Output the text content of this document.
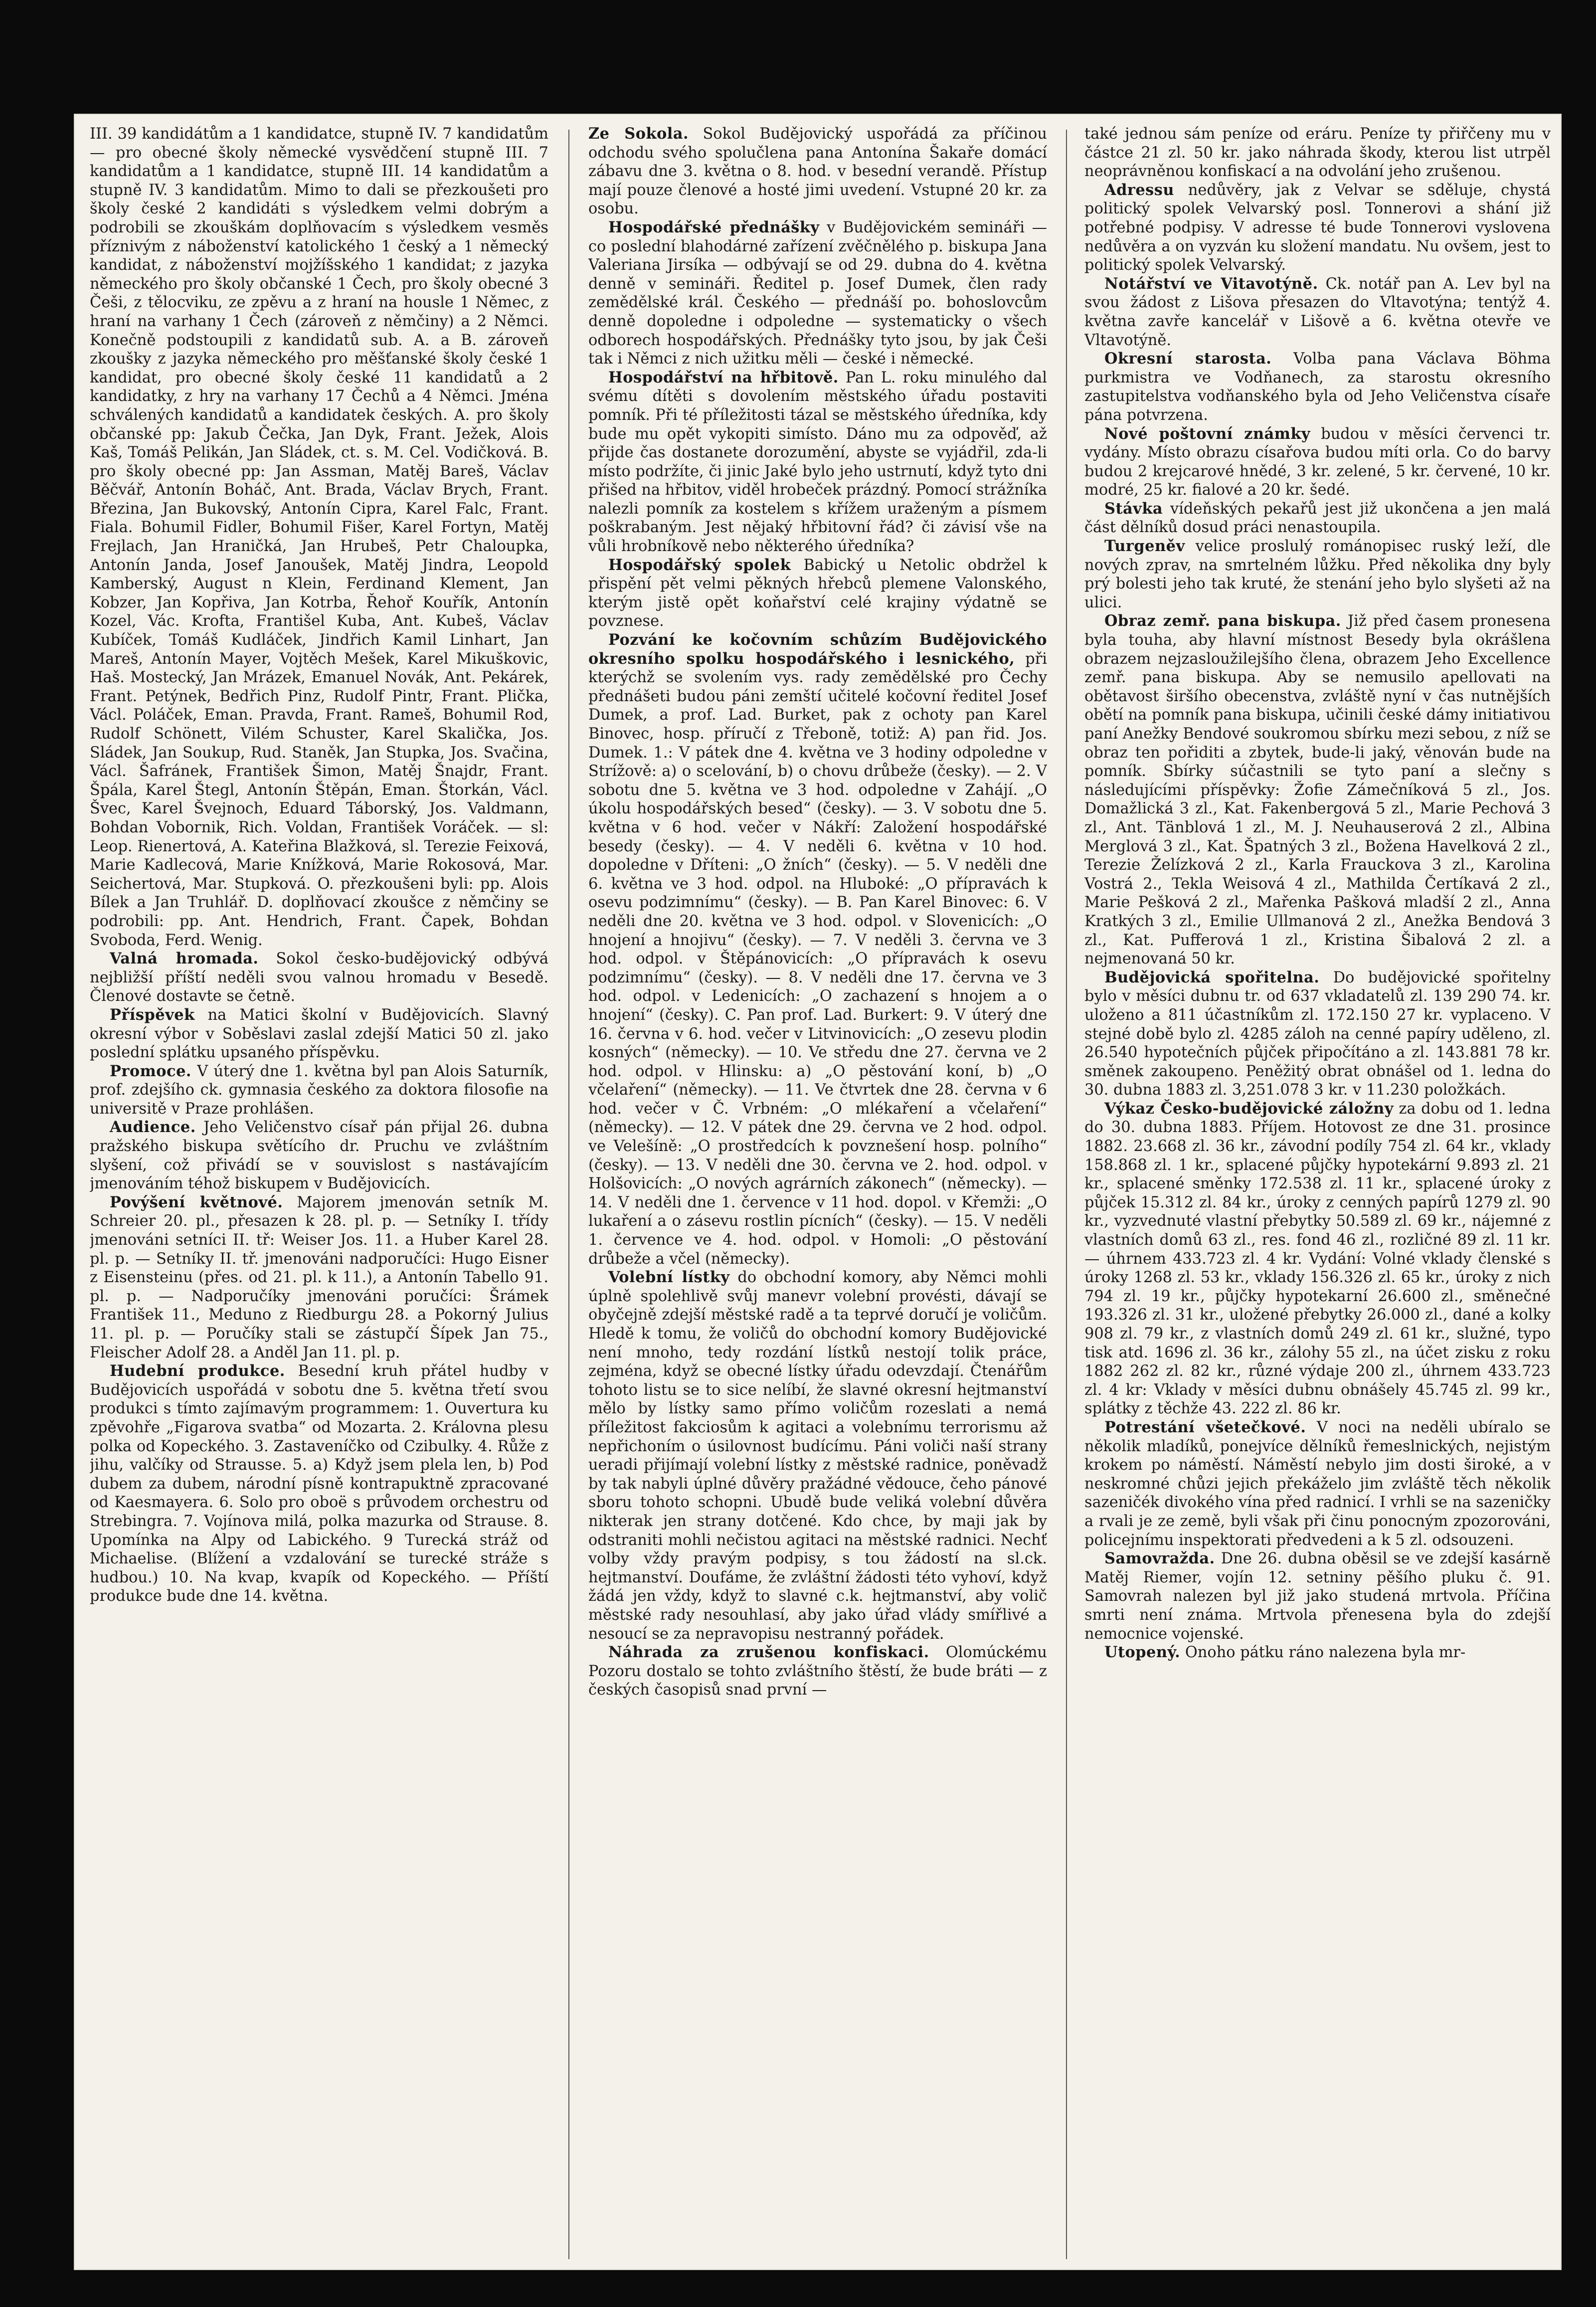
III. 39 kandidátům a 1 kandidatce, stupně IV. 7 kandidatům — pro obecné školy německé vysvědčení stupně III. 7 kandidatům a 1 kandidatce, stupně III. 14 kandidatům a stupně IV. 3 kandidatům. Mimo to dali se přezkoušeti pro školy české 2 kandidáti s výsledkem velmi dobrým a podrobili se zkouškám doplňovacím s výsledkem vesměs příznivým z náboženství katolického 1 český a 1 německý kandidat, z náboženství mojžíšského 1 kandidat; z jazyka německého pro školy občanské 1 Čech, pro školy obecné 3 Češi, z tělocviku, ze zpěvu a z hraní na housle 1 Němec, z hraní na varhany 1 Čech (zároveň z němčiny) a 2 Němci. Konečně podstoupili z kandidatů sub. A. a B. zároveň zkoušky z jazyka německého pro měšťanské školy české 1 kandidat, pro obecné školy české 11 kandidatů a 2 kandidatky, z hry na varhany 17 Čechů a 4 Němci. Jména schválených kandidatů a kandidatek českých. A. pro školy občanské pp: Jakub Čečka, Jan Dyk, Frant. Ježek, Alois Kaš, Tomáš Pelikán, Jan Sládek, ct. s. M. Cel. Vodičková. B. pro školy obecné pp: Jan Assman, Matěj Bareš, Václav Běčvář, Antonín Boháč, Ant. Brada, Václav Brych, Frant. Březina, Jan Bukovský, Antonín Cipra, Karel Falc, Frant. Fiala. Bohumil Fidler, Bohumil Fišer, Karel Fortyn, Matěj Frejlach, Jan Hraničká, Jan Hrubeš, Petr Chaloupka, Antonín Janda, Josef Janoušek, Matěj Jindra, Leopold Kamberský, August n Klein, Ferdinand Klement, Jan Kobzer, Jan Kopřiva, Jan Kotrba, Řehoř Kouřík, Antonín Kozel, Vác. Kroftа, Františel Kuba, Ant. Kubeš, Václav Kubíček, Tomáš Kudláček, Jindřich Kamil Linhart, Jan Mareš, Antonín Mayer, Vojtěch Mešek, Karel Mikuškovic, Haš. Mostecký, Jan Mrázek, Emanuel Novák, Ant. Pekárek, Frant. Petýnek, Bedřich Pinz, Rudolf Pintr, Frant. Plička, Václ. Poláček, Eman. Pravda, Frant. Rameš, Bohumil Rod, Rudolf Schönett, Vilém Schuster, Karel Skalička, Jos. Sládek, Jan Soukup, Rud. Staněk, Jan Stupka, Jos. Svačina, Václ. Šafránek, František Šimon, Matěj Šnajdr, Frant. Špála, Karel Štegl, Antonín Štěpán, Eman. Štorkán, Václ. Švec, Karel Švejnoch, Eduard Táborský, Jos. Valdmann, Bohdan Vobornik, Rich. Voldan, František Voráček. — sl: Leop. Rienertová, A. Kateřina Blažková, sl. Terezie Feixová, Marie Kadlecová, Marie Knížková, Marie Rokosová, Mar. Seichertová, Mar. Stupková. O. přezkoušeni byli: pp. Alois Bílek a Jan Truhlář. D. doplňovací zkoušce z němčiny se podrobili: pp. Ant. Hendrich, Frant. Čapek, Bohdan Svoboda, Ferd. Wenig.

Valná hromada. Sokol česko-budějovický odbývá nejbližší příští neděli svou valnou hromadu v Besedě. Členové dostavte se četně.

Příspěvek na Matici školní v Budějovicích. Slavný okresní výbor v Soběslavi zaslal zdejší Matici 50 zl. jako poslední splátku upsaného příspěvku.

Promoce. V úterý dne 1. května byl pan Alois Saturník, prof. zdejšího ck. gymnasia českého za doktora filosofie na universitě v Praze prohlášen.

Audience. Jeho Veličenstvo císař pán přijal 26. dubna pražského biskupa světícího dr. Pruchu ve zvláštním slyšení, což přivádí se v souvislost s nastávajícím jmenováním téhož biskupem v Budějovicích.

Povýšení květnové. Majorem jmenován setník M. Schreier 20. pl., přesazen k 28. pl. p. — Setníky I. třídy jmenováni setníci II. tř: Weiser Jos. 11. a Huber Karel 28. pl. p. — Setníky II. tř. jmenováni nadporučíci: Hugo Eisner z Eisensteinu (přes. od 21. pl. k 11.), a Antonín Tabello 91. pl. p. — Nadporučíky jmenováni poručíci: Šrámek František 11., Meduno z Riedburgu 28. a Pokorný Julius 11. pl. p. — Poručíky stali se zástupčí Šípek Jan 75., Fleischer Adolf 28. a Anděl Jan 11. pl. p.

Hudební produkce. Besední kruh přátel hudby v Budějovicích uspořádá v sobotu dne 5. května třetí svou produkci s tímto zajímavým programmem: 1. Ouvertura ku zpěvohře „Figarova svatba“ od Mozarta. 2. Královna plesu polka od Kopeckého. 3. Zastaveníčko od Czibulky. 4. Růže z jihu, valčíky od Strausse. 5. a) Když jsem plela len, b) Pod dubem za dubem, národní písně kontrapuktně zpracované od Kaesmayera. 6. Solo pro oboë s průvodem orchestru od Strebingra. 7. Vojínova milá, polka mazurka od Strause. 8. Upomínka na Alpy od Labického. 9 Turecká stráž od Michaelise. (Blížení a vzdalování se turecké stráže s hudbou.) 10. Na kvap, kvapík od Kopeckého. — Příští produkce bude dne 14. května.

Ze Sokola. Sokol Budějovický uspořádá za příčinou odchodu svého spolučlena pana Antonína Šakaře domácí zábavu dne 3. května o 8. hod. v besední verandě. Přístup mají pouze členové a hosté jimi uvedení. Vstupné 20 kr. za osobu.

Hospodářské přednášky v Budějovickém semináři — co poslední blahodárné zařízení zvěčnělého p. biskupa Jana Valeriana Jirsíka — odbývají se od 29. dubna do 4. května denně v semináři. Ředitel p. Josef Dumek, člen rady zemědělské král. Českého — přednáší po. bohoslovcům denně dopoledne i odpoledne — systematicky o všech odborech hospodářských. Přednášky tyto jsou, by jak Češi tak i Němci z nich užitku měli — české i německé.

Hospodářství na hřbitově. Pan L. roku minulého dal svému dítěti s dovolením městského úřadu postaviti pomník. Při té příležitosti tázal se městského úředníka, kdy bude mu opět vykopiti simísto. Dáno mu za odpověď, až přijde čas dostanete dorozumění, abyste se vyjádřil, zda-li místo podržíte, či jinic Jaké bylo jeho ustrnutí, když tyto dni přišed na hřbitov, viděl hrobeček prázdný. Pomocí strážníka nalezli pomník za kostelem s křížem uraženým a písmem poškrabaným. Jest nějaký hřbitovní řád? či závisí vše na vůli hrobníkově nebo některého úředníka?

Hospodářský spolek Babický u Netolic obdržel k přispění pět velmi pěkných hřebců plemene Valonského, kterým jistě opět koňařství celé krajiny výdatně se povznese.

Pozvání ke kočovním schůzím Budějovického okresního spolku hospodářského i lesnického, při kterýchž se svolením vys. rady zemědělské pro Čechy přednášeti budou páni zemští učitelé kočovní ředitel Josef Dumek, a prof. Lad. Burket, pak z ochoty pan Karel Binovec, hosp. příručí z Třeboně, totiž: A) pan řid. Jos. Dumek. 1.: V pátek dne 4. května ve 3 hodiny odpoledne v Strížově: a) o scelování, b) o chovu drůbeže (česky). — 2. V sobotu dne 5. května ve 3 hod. odpoledne v Zahájí. „O úkolu hospodářských besed“ (česky). — 3. V sobotu dne 5. května v 6 hod. večer v Nákří: Založení hospodářské besedy (česky). — 4. V neděli 6. května v 10 hod. dopoledne v Dříteni: „O žních“ (česky). — 5. V neděli dne 6. května ve 3 hod. odpol. na Hluboké: „O přípravách k osevu podzimnímu“ (česky). — B. Pan Karel Binovec: 6. V neděli dne 20. května ve 3 hod. odpol. v Slovenicích: „O hnojení a hnojivu“ (česky). — 7. V neděli 3. června ve 3 hod. odpol. v Štěpánovicích: „O přípravách k osevu podzimnímu“ (česky). — 8. V neděli dne 17. června ve 3 hod. odpol. v Ledenicích: „O zachazení s hnojem a o hnojení“ (česky). C. Pan prof. Lad. Burkert: 9. V úterý dne 16. června v 6. hod. večer v Litvinovicích: „O zesevu plodin kosných“ (německy). — 10. Ve středu dne 27. června ve 2 hod. odpol. v Hlinsku: a) „O pěstování koní, b) „O včelaření“ (německy). — 11. Ve čtvrtek dne 28. června v 6 hod. večer v Č. Vrbném: „O mlékaření a včelaření“ (německy). — 12. V pátek dne 29. června ve 2 hod. odpol. ve Velešíně: „O prostředcích k povznešení hosp. polního“ (česky). — 13. V neděli dne 30. června ve 2. hod. odpol. v Holšovicích: „O nových agrárních zákonech“ (německy). — 14. V neděli dne 1. července v 11 hod. dopol. v Křemži: „O lukaření a o zásevu rostlin pícních“ (česky). — 15. V neděli 1. července ve 4. hod. odpol. v Homoli: „O pěstování drůbeže a včel (německy).

Volební lístky do obchodní komory, aby Němci mohli úplně spolehlivě svůj manevr volební provésti, dávají se obyčejně zdejší městské radě a ta teprvé doručí je voličům. Hledě k tomu, že voličů do obchodní komory Budějovické není mnoho, tedy rozdání lístků nestojí tolik práce, zejména, když se obecné lístky úřadu odevzdají. Čtenářům tohoto listu se to sice nelíbí, že slavné okresní hejtmanství mělo by lístky samo přímo voličům rozeslati a nemá příležitost fakciosům k agitaci a volebnímu terrorismu až nepřichoním o úsilovnost budícímu. Páni voliči naší strany ueradi přijímají volební lístky z městské radnice, poněvadž by tak nabyli úplné důvěry pražádné vědouce, čeho pánové sboru tohoto schopni. Ubudě bude veliká volební důvěra nikterak jen strany dotčené. Kdo chce, by maji jak by odstraniti mohli nečistou agitaci na městské radnici. Nechť volby vždy pravým podpisy, s tou žádostí na sl.ck. hejtmanství. Doufáme, že zvláštní žádosti této vyhoví, když žádá jen vždy, když to slavné c.k. hejtmanství, aby volič městské rady nesouhlasí, aby jako úřad vlády smířlivé a nesoucí se za nepravopisu nestranný pořádek.

Náhrada za zrušenou konfiskaci. Olomúckému Pozoru dostalo se tohto zvláštního štěstí, že bude bráti — z českých časopisů snad první —

také jednou sám peníze od eráru. Peníze ty přiřčeny mu v částce 21 zl. 50 kr. jako náhrada škody, kterou list utrpěl neoprávněnou konfiskací a na odvolání jeho zrušenou.

Adressu nedůvěry, jak z Velvar se sděluje, chystá politický spolek Velvarský posl. Tonnerovi a shání již potřebné podpisy. V adresse té bude Tonnerovi vyslovena nedůvěra a on vyzván ku složení mandatu. Nu ovšem, jest to politický spolek Velvarský.

Notářství ve Vitavotýně. Ck. notář pan A. Lev byl na svou žádost z Lišova přesazen do Vltavotýna; tentýž 4. května zavře kancelář v Lišově a 6. května otevře ve Vltavotýně.

Okresní starosta. Volba pana Václava Böhma purkmistra ve Vodňanech, za starostu okresního zastupitelstva vodňanského byla od Jeho Veličenstva císaře pána potvrzena.

Nové poštovní známky budou v měsíci červenci tr. vydány. Místo obrazu císařova budou míti orla. Co do barvy budou 2 krejcarové hnědé, 3 kr. zelené, 5 kr. červené, 10 kr. modré, 25 kr. fialové a 20 kr. šedé.

Stávka vídeňských pekařů jest již ukončena a jen malá část dělníků dosud práci nenastoupila.

Turgeněv velice proslulý románopisec ruský leží, dle nových zprav, na smrtelném lůžku. Před několika dny byly prý bolesti jeho tak kruté, že stenání jeho bylo slyšeti až na ulici.

Obraz zemř. pana biskupa. Již před časem pronesena byla touha, aby hlavní místnost Besedy byla okrášlena obrazem nejzasloužilejšího člena, obrazem Jeho Excellence zemř. pana biskupa. Aby se nemusilo apellovati na obětavost širšího obecenstva, zvláště nyní v čas nutnějších obětí na pomník pana biskupa, učinili české dámy initiativou paní Anežky Bendové soukromou sbírku mezi sebou, z níž se obraz ten pořiditi a zbytek, bude-li jaký, věnován bude na pomník. Sbírky súčastnili se tyto paní a slečny s následujícími příspěvky: Žofie Zámečníková 5 zl., Jos. Domažlická 3 zl., Kat. Fakenbergová 5 zl., Marie Pechová 3 zl., Ant. Tänblová 1 zl., M. J. Neuhauserová 2 zl., Albina Merglová 3 zl., Kat. Špatných 3 zl., Božena Havelková 2 zl., Terezie Želízková 2 zl., Karla Frauckova 3 zl., Karolina Vostrá 2., Tekla Weisová 4 zl., Mathilda Čertíkavá 2 zl., Marie Pešková 2 zl., Mařenka Pašková mladší 2 zl., Anna Kratkých 3 zl., Emilie Ullmanová 2 zl., Anežka Bendová 3 zl., Kat. Pufferová 1 zl., Kristina Šibalová 2 zl. a nejmenovaná 50 kr.

Budějovická spořitelna. Do budějovické spořitelny bylo v měsíci dubnu tr. od 637 vkladatelů zl. 139 290 74. kr. uloženo a 811 účastníkům zl. 172.150 27 kr. vyplaceno. V stejné době bylo zl. 4285 záloh na cenné papíry uděleno, zl. 26.540 hypotečních půjček připočítáno a zl. 143.881 78 kr. směnek zakoupeno. Peněžitý obrat obnášel od 1. ledna do 30. dubna 1883 zl. 3,251.078 3 kr. v 11.230 položkách.

Výkaz Česko-budějovické záložny za dobu od 1. ledna do 30. dubna 1883. Příjem. Hotovost ze dne 31. prosince 1882. 23.668 zl. 36 kr., závodní podíly 754 zl. 64 kr., vklady 158.868 zl. 1 kr., splacené půjčky hypotekární 9.893 zl. 21 kr., splacené směnky 172.538 zl. 11 kr., splacené úroky z půjček 15.312 zl. 84 kr., úroky z cenných papírů 1279 zl. 90 kr., vyzvednuté vlastní přebytky 50.589 zl. 69 kr., nájemné z vlastních domů 63 zl., res. fond 46 zl., rozličné 89 zl. 11 kr. — úhrnem 433.723 zl. 4 kr. Vydání: Volné vklady členské s úroky 1268 zl. 53 kr., vklady 156.326 zl. 65 kr., úroky z nich 794 zl. 19 kr., půjčky hypotekarní 26.600 zl., směnečné 193.326 zl. 31 kr., uložené přebytky 26.000 zl., dané a kolky 908 zl. 79 kr., z vlastních domů 249 zl. 61 kr., služné, typo tisk atd. 1696 zl. 36 kr., zálohy 55 zl., na účet zisku z roku 1882 262 zl. 82 kr., různé výdaje 200 zl., úhrnem 433.723 zl. 4 kr: Vklady v měsíci dubnu obnášely 45.745 zl. 99 kr., splátky z těchže 43. 222 zl. 86 kr.

Potrestání všetečkové. V noci na neděli ubíralo se několik mladíků, ponejvíce dělníků řemeslnických, nejistým krokem po náměstí. Náměstí nebylo jim dosti široké, a v neskromné chůzi jejich překáželo jim zvláště těch několik sazeničék divokého vína před radnicí. I vrhli se na sazeničky a rvali je ze země, byli však při činu ponocným zpozorováni, policejnímu inspektorati předvedeni a k 5 zl. odsouzeni.

Samovražda. Dne 26. dubna oběsil se ve zdejší kasárně Matěj Riemer, vojín 12. setniny pěšího pluku č. 91. Samovrah nalezen byl již jako studená mrtvola. Příčina smrti není známa. Mrtvola přenesena byla do zdejší nemocnice vojenské.

Utopený. Onoho pátku ráno nalezena byla mr-
